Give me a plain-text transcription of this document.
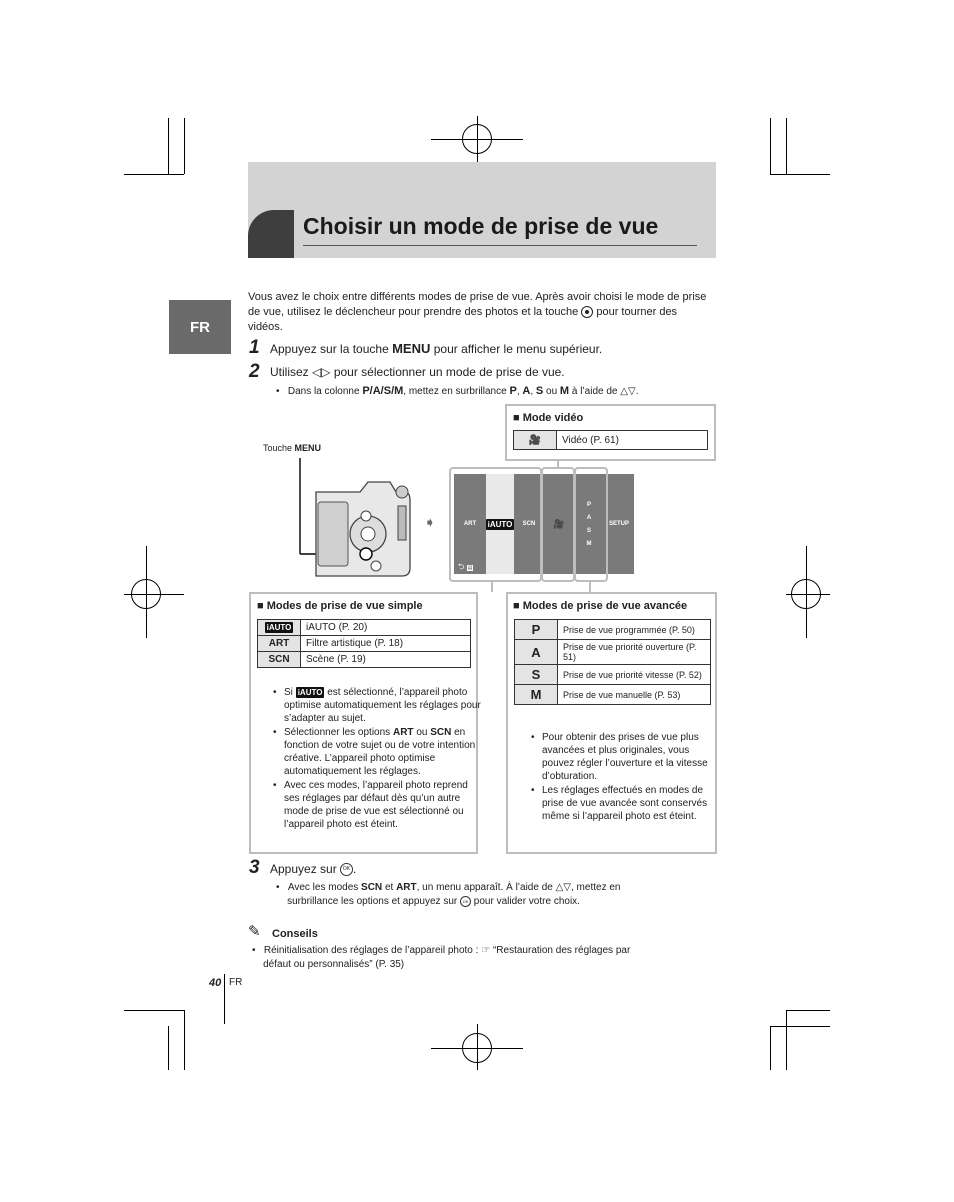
Choisir un mode de prise de vue
FR
Vous avez le choix entre différents modes de prise de vue. Après avoir choisi le mode de prise de vue, utilisez le déclencheur pour prendre des photos et la touche pour tourner des vidéos.
1 Appuyez sur la touche MENU pour afficher le menu supérieur.
2 Utilisez ◁▷ pour sélectionner un mode de prise de vue.
•   Dans la colonne P/A/S/M, mettez en surbrillance P, A, S ou M à l’aide de △▽.
■ Mode vidéo
🎥	Vidéo (P. 61)
Touche MENU
➧	ART	iAUTO	SCN	🎥
P
A
S
M
SETUP
⮌ ▤
■ Modes de prise de vue simple
iAUTO	iAUTO (P. 20)
ART	Filtre artistique (P. 18)
SCN	Scène (P. 19)
• Si iAUTO est sélectionné, l’appareil photo optimise automatiquement les réglages pour s’adapter au sujet.
• Sélectionner les options ART ou SCN en fonction de votre sujet ou de votre intention créative. L’appareil photo optimise automatiquement les réglages.
• Avec ces modes, l’appareil photo reprend ses réglages par défaut dès qu’un autre mode de prise de vue est sélectionné ou l’appareil photo est éteint.
■ Modes de prise de vue avancée
P	Prise de vue programmée (P. 50)
A	Prise de vue priorité ouverture (P. 51)
S	Prise de vue priorité vitesse (P. 52)
M	Prise de vue manuelle (P. 53)
• Pour obtenir des prises de vue plus avancées et plus originales, vous pouvez régler l’ouverture et la vitesse d’obturation.
• Les réglages effectués en modes de prise de vue avancée sont conservés même si l’appareil photo est éteint.
3 Appuyez sur OK .
•   Avec les modes SCN et ART, un menu apparaît. À l’aide de △▽, mettez en
surbrillance les options et appuyez sur OK pour valider votre choix.
✎ Conseils
•   Réinitialisation des réglages de l’appareil photo : ☞ “Restauration des réglages par
défaut ou personnalisés” (P. 35)
40 FR
